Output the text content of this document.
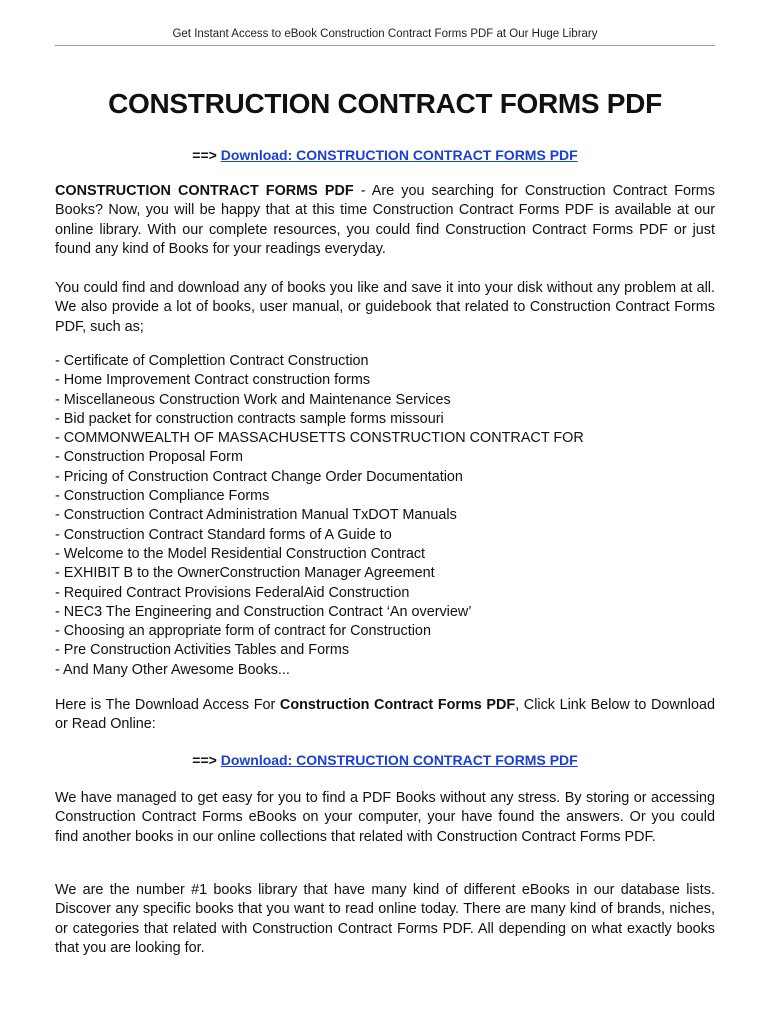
Get Instant Access to eBook Construction Contract Forms PDF at Our Huge Library
CONSTRUCTION CONTRACT FORMS PDF
==> Download: CONSTRUCTION CONTRACT FORMS PDF

CONSTRUCTION CONTRACT FORMS PDF - Are you searching for Construction Contract Forms Books? Now, you will be happy that at this time Construction Contract Forms PDF is available at our online library. With our complete resources, you could find Construction Contract Forms PDF or just found any kind of Books for your readings everyday.

You could find and download any of books you like and save it into your disk without any problem at all. We also provide a lot of books, user manual, or guidebook that related to Construction Contract Forms PDF, such as;

- Certificate of Complettion Contract Construction
- Home Improvement Contract construction forms
- Miscellaneous Construction Work and Maintenance Services
- Bid packet for construction contracts sample forms missouri
- COMMONWEALTH OF MASSACHUSETTS CONSTRUCTION CONTRACT FOR
- Construction Proposal Form
- Pricing of Construction Contract Change Order Documentation
- Construction Compliance Forms
- Construction Contract Administration Manual TxDOT Manuals
- Construction Contract Standard forms of A Guide to
- Welcome to the Model Residential Construction Contract
- EXHIBIT B to the OwnerConstruction Manager Agreement
- Required Contract Provisions FederalAid Construction
- NEC3 The Engineering and Construction Contract ‘An overview’
- Choosing an appropriate form of contract for Construction
- Pre Construction Activities Tables and Forms
- And Many Other Awesome Books...

Here is The Download Access For Construction Contract Forms PDF, Click Link Below to Download or Read Online:

==> Download: CONSTRUCTION CONTRACT FORMS PDF

We have managed to get easy for you to find a PDF Books without any stress. By storing or accessing Construction Contract Forms eBooks on your computer, your have found the answers. Or you could find another books in our online collections that related with Construction Contract Forms PDF.

We are the number #1 books library that have many kind of different eBooks in our database lists. Discover any specific books that you want to read online today. There are many kind of brands, niches, or categories that related with Construction Contract Forms PDF. All depending on what exactly books that you are looking for.
